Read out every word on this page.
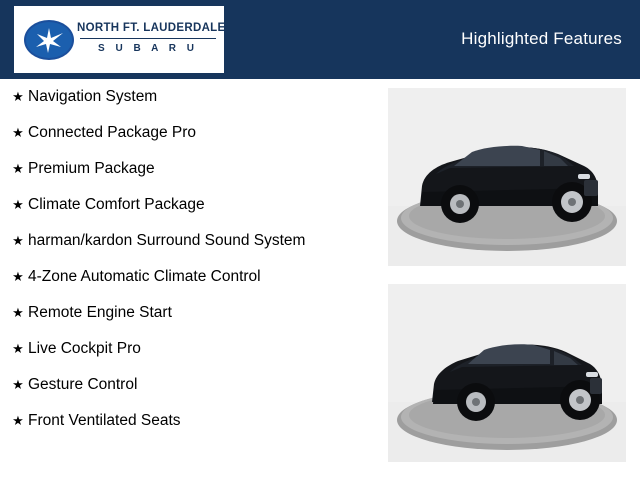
Highlighted Features
NORTH FT. LAUDERDALE
S U B A R U
★ Navigation System
★ Connected Package Pro
★ Premium Package
★ Climate Comfort Package
★ harman/kardon Surround Sound System
★ 4-Zone Automatic Climate Control
★ Remote Engine Start
★ Live Cockpit Pro
★ Gesture Control
★ Front Ventilated Seats
